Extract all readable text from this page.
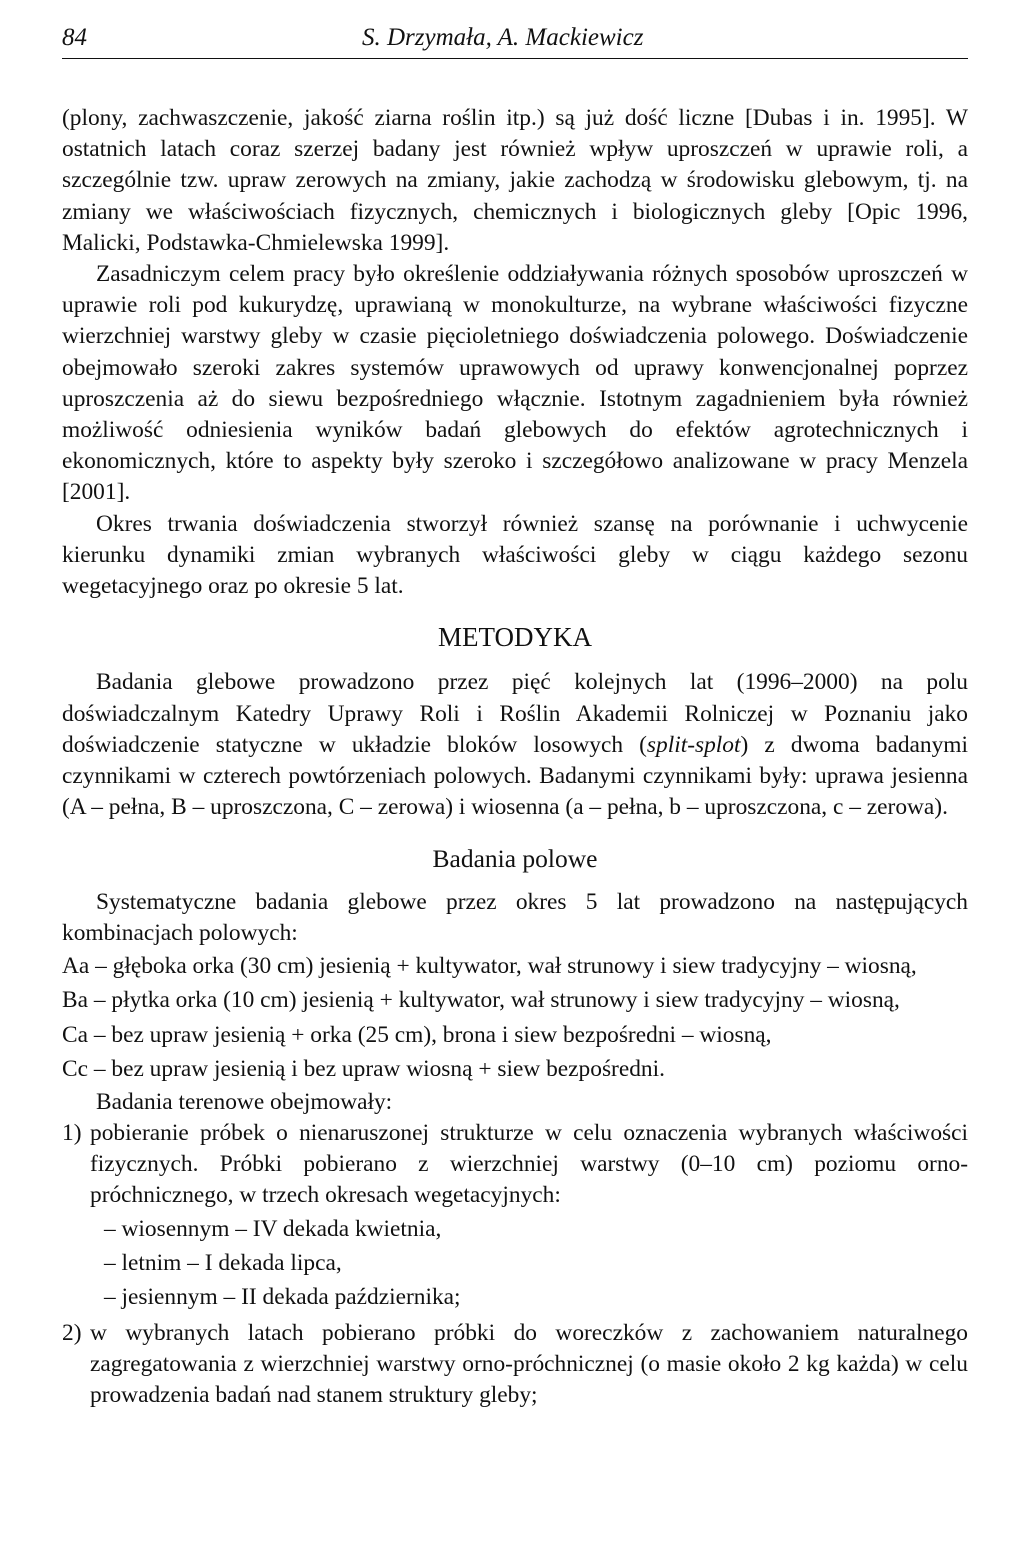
84	S. Drzymała, A. Mackiewicz

(plony, zachwaszczenie, jakość ziarna roślin itp.) są już dość liczne [Dubas i in. 1995]. W ostatnich latach coraz szerzej badany jest również wpływ uproszczeń w uprawie roli, a szczególnie tzw. upraw zerowych na zmiany, jakie zachodzą w środowisku glebowym, tj. na zmiany we właściwościach fizycznych, chemicznych i biologicznych gleby [Opic 1996, Malicki, Podstawka-Chmielewska 1999].

Zasadniczym celem pracy było określenie oddziaływania różnych sposobów uproszczeń w uprawie roli pod kukurydzę, uprawianą w monokulturze, na wybrane właściwości fizyczne wierzchniej warstwy gleby w czasie pięcioletniego doświadczenia polowego. Doświadczenie obejmowało szeroki zakres systemów uprawowych od uprawy konwencjonalnej poprzez uproszczenia aż do siewu bezpośredniego włącznie. Istotnym zagadnieniem była również możliwość odniesienia wyników badań glebowych do efektów agrotechnicznych i ekonomicznych, które to aspekty były szeroko i szczegółowo analizowane w pracy Menzela [2001].

Okres trwania doświadczenia stworzył również szansę na porównanie i uchwycenie kierunku dynamiki zmian wybranych właściwości gleby w ciągu każdego sezonu wegetacyjnego oraz po okresie 5 lat.

METODYKA

Badania glebowe prowadzono przez pięć kolejnych lat (1996–2000) na polu doświadczalnym Katedry Uprawy Roli i Roślin Akademii Rolniczej w Poznaniu jako doświadczenie statyczne w układzie bloków losowych (split-splot) z dwoma badanymi czynnikami w czterech powtórzeniach polowych. Badanymi czynnikami były: uprawa jesienna (A – pełna, B – uproszczona, C – zerowa) i wiosenna (a – pełna, b – uproszczona, c – zerowa).

Badania polowe

Systematyczne badania glebowe przez okres 5 lat prowadzono na następujących kombinacjach polowych:

Aa – głęboka orka (30 cm) jesienią + kultywator, wał strunowy i siew tradycyjny – wiosną,

Ba – płytka orka (10 cm) jesienią + kultywator, wał strunowy i siew tradycyjny – wiosną,

Ca – bez upraw jesienią + orka (25 cm), brona i siew bezpośredni – wiosną,

Cc – bez upraw jesienią i bez upraw wiosną + siew bezpośredni.

Badania terenowe obejmowały:

1) pobieranie próbek o nienaruszonej strukturze w celu oznaczenia wybranych właściwości fizycznych. Próbki pobierano z wierzchniej warstwy (0–10 cm) poziomu orno-próchnicznego, w trzech okresach wegetacyjnych:
– wiosennym – IV dekada kwietnia,
– letnim – I dekada lipca,
– jesiennym – II dekada października;
2) w wybranych latach pobierano próbki do woreczków z zachowaniem naturalnego zagregatowania z wierzchniej warstwy orno-próchnicznej (o masie około 2 kg każda) w celu prowadzenia badań nad stanem struktury gleby;
